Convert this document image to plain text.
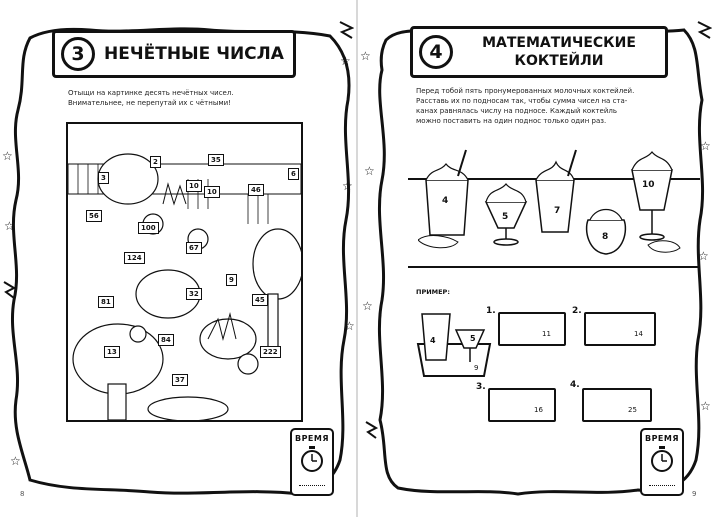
☆
☆
☆
☆
☆
☆
3	НЕЧЁТНЫЕ ЧИСЛА
Отыщи на картинке десять нечётных чисел.
Внимательнее, не перепутай их с чётными!
2	35
3	6
10
10	46
56
100
124
67
81
32
9
45
84
13	222
37
ВРЕМЯ
8
☆
☆
☆
☆
☆
☆
4	МАТЕМАТИЧЕСКИЕ
КОКТЕЙЛИ
Перед тобой пять пронумерованных молочных коктейлей.
Расставь их по подносам так, чтобы сумма чисел на ста-
канах равнялась числу на подносе. Каждый коктейль
можно поставить на один поднос только один раз.
4
5
7
8
10
ПРИМЕР:
4	5
9
1.
11
2.
14
3.
16
4.
25
ВРЕМЯ
9
